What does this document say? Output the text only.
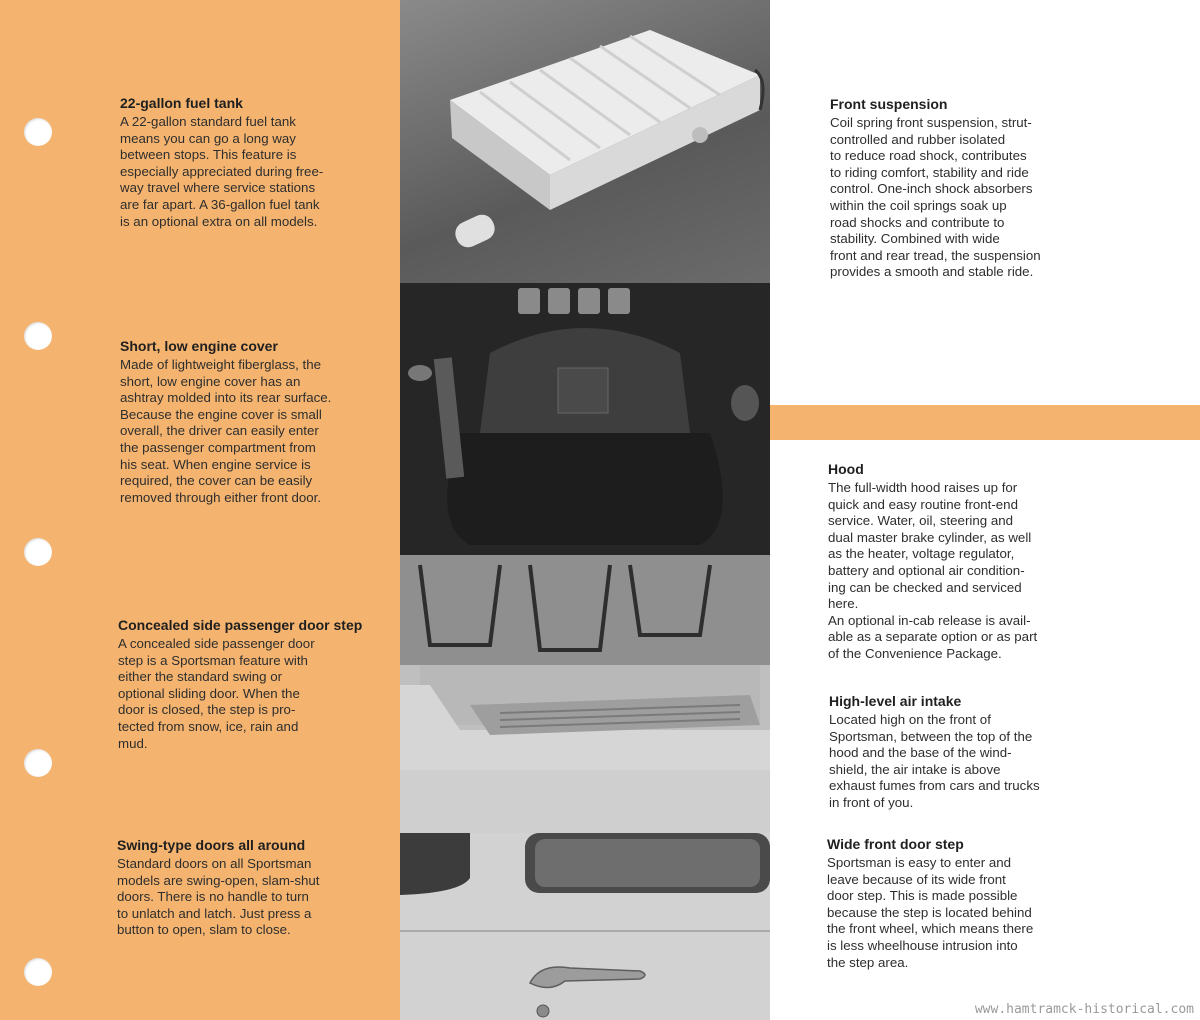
22-gallon fuel tank

A 22-gallon standard fuel tank
means you can go a long way
between stops. This feature is
especially appreciated during free-
way travel where service stations
are far apart. A 36-gallon fuel tank
is an optional extra on all models.

Short, low engine cover

Made of lightweight fiberglass, the
short, low engine cover has an
ashtray molded into its rear surface.
Because the engine cover is small
overall, the driver can easily enter
the passenger compartment from
his seat. When engine service is
required, the cover can be easily
removed through either front door.

Concealed side passenger door step

A concealed side passenger door
step is a Sportsman feature with
either the standard swing or
optional sliding door. When the
door is closed, the step is pro-
tected from snow, ice, rain and
mud.

Swing-type doors all around

Standard doors on all Sportsman
models are swing-open, slam-shut
doors. There is no handle to turn
to unlatch and latch. Just press a
button to open, slam to close.

Front suspension

Coil spring front suspension, strut-
controlled and rubber isolated
to reduce road shock, contributes
to riding comfort, stability and ride
control. One-inch shock absorbers
within the coil springs soak up
road shocks and contribute to
stability. Combined with wide
front and rear tread, the suspension
provides a smooth and stable ride.

Hood

The full-width hood raises up for
quick and easy routine front-end
service. Water, oil, steering and
dual master brake cylinder, as well
as the heater, voltage regulator,
battery and optional air condition-
ing can be checked and serviced
here.
An optional in-cab release is avail-
able as a separate option or as part
of the Convenience Package.

High-level air intake

Located high on the front of
Sportsman, between the top of the
hood and the base of the wind-
shield, the air intake is above
exhaust fumes from cars and trucks
in front of you.

Wide front door step

Sportsman is easy to enter and
leave because of its wide front
door step. This is made possible
because the step is located behind
the front wheel, which means there
is less wheelhouse intrusion into
the step area.

www.hamtramck-historical.com
